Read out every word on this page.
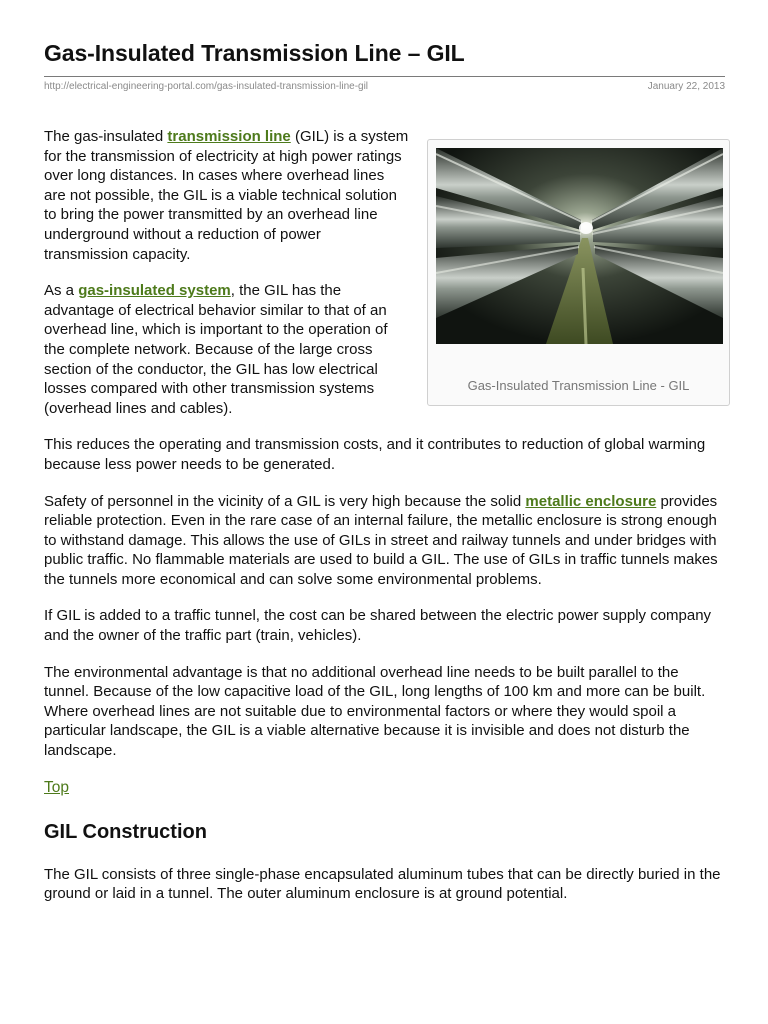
Gas-Insulated Transmission Line – GIL
http://electrical-engineering-portal.com/gas-insulated-transmission-line-gil	January 22, 2013
Gas-Insulated Transmission Line - GIL

The gas-insulated transmission line (GIL) is a system for the transmission of electricity at high power ratings over long distances. In cases where overhead lines are not possible, the GIL is a viable technical solution to bring the power transmitted by an overhead line underground without a reduction of power transmission capacity.

As a gas-insulated system, the GIL has the advantage of electrical behavior similar to that of an overhead line, which is important to the operation of the complete network. Because of the large cross section of the conductor, the GIL has low electrical losses compared with other transmission systems (overhead lines and cables).

This reduces the operating and transmission costs, and it contributes to reduction of global warming because less power needs to be generated.

Safety of personnel in the vicinity of a GIL is very high because the solid metallic enclosure provides reliable protection. Even in the rare case of an internal failure, the metallic enclosure is strong enough to withstand damage. This allows the use of GILs in street and railway tunnels and under bridges with public traffic. No flammable materials are used to build a GIL. The use of GILs in traffic tunnels makes the tunnels more economical and can solve some environmental problems.

If GIL is added to a traffic tunnel, the cost can be shared between the electric power supply company and the owner of the traffic part (train, vehicles).

The environmental advantage is that no additional overhead line needs to be built parallel to the tunnel. Because of the low capacitive load of the GIL, long lengths of 100 km and more can be built. Where overhead lines are not suitable due to environmental factors or where they would spoil a particular landscape, the GIL is a viable alternative because it is invisible and does not disturb the landscape.

Top
GIL Construction

The GIL consists of three single-phase encapsulated aluminum tubes that can be directly buried in the ground or laid in a tunnel. The outer aluminum enclosure is at ground potential.
